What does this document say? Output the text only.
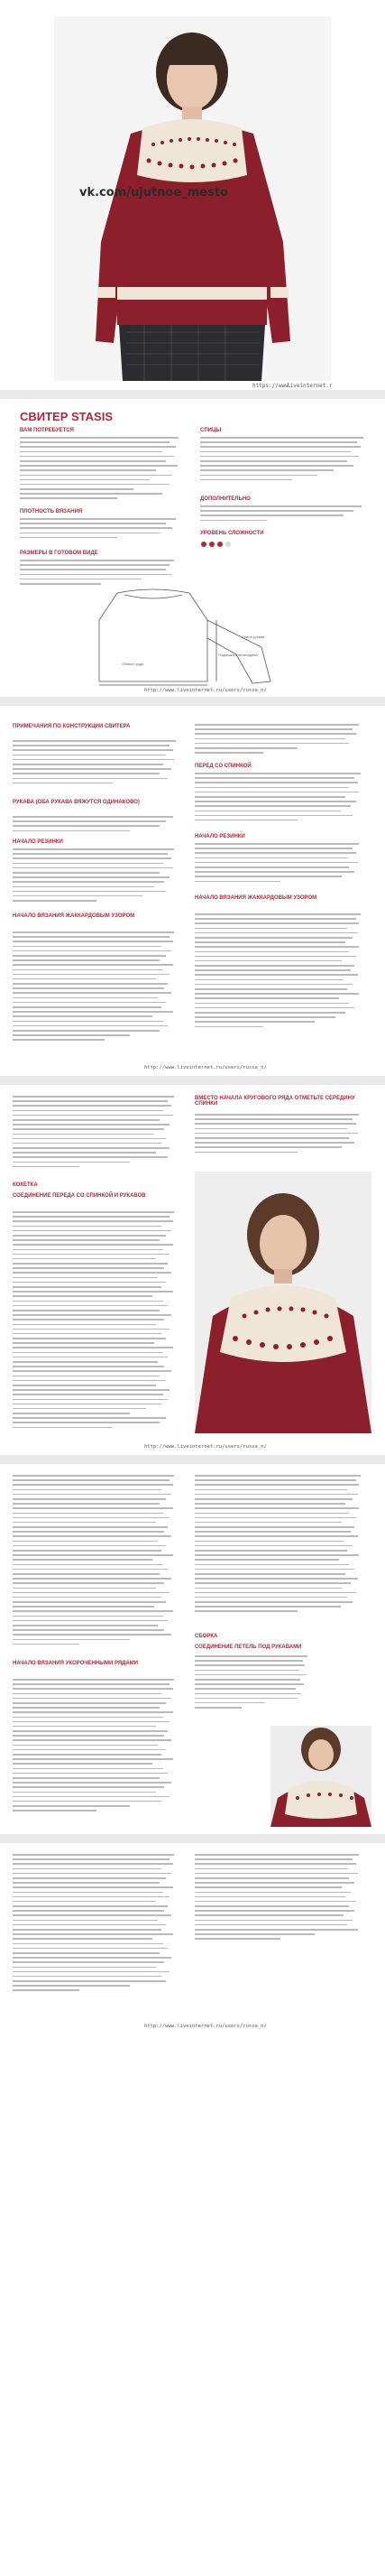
vk.com/ujutnoe_mesto
https://www.
liveinternet.r
СВИТЕР STASIS
ВАМ ПОТРЕБУЕТСЯ
ПЛОТНОСТЬ ВЯЗАНИЯ
РАЗМЕРЫ В ГОТОВОМ ВИДЕ
СПИЦЫ
ДОПОЛНИТЕЛЬНО
УРОВЕНЬ СЛОЖНОСТИ
Обхват груди
Длина рукава
Подмышечная впадина
http://www.liveinternet.ru/users/russa_n/
ПРИМЕЧАНИЯ ПО КОНСТРУКЦИИ СВИТЕРА
РУКАВА (ОБА РУКАВА ВЯЖУТСЯ ОДИНАКОВО)
НАЧАЛО РЕЗИНКИ
НАЧАЛО ВЯЗАНИЯ ЖАККАРДОВЫМ УЗОРОМ
ПЕРЕД СО СПИНКОЙ
НАЧАЛО РЕЗИНКИ
НАЧАЛО ВЯЗАНИЯ ЖАККАРДОВЫМ УЗОРОМ
http://www.liveinternet.ru/users/russa_n/
КОКЕТКА
СОЕДИНЕНИЕ ПЕРЕДА СО СПИНКОЙ И РУКАВОВ
ВМЕСТО НАЧАЛА КРУГОВОГО РЯДА ОТМЕТЬТЕ СЕРЕДИНУ СПИНКИ
http://www.liveinternet.ru/users/russa_n/
НАЧАЛО ВЯЗАНИЯ УКОРОЧЕННЫМИ РЯДАМИ
СБОРКА
СОЕДИНЕНИЕ ПЕТЕЛЬ ПОД РУКАВАМИ
http://www.liveinternet.ru/users/russa_n/
